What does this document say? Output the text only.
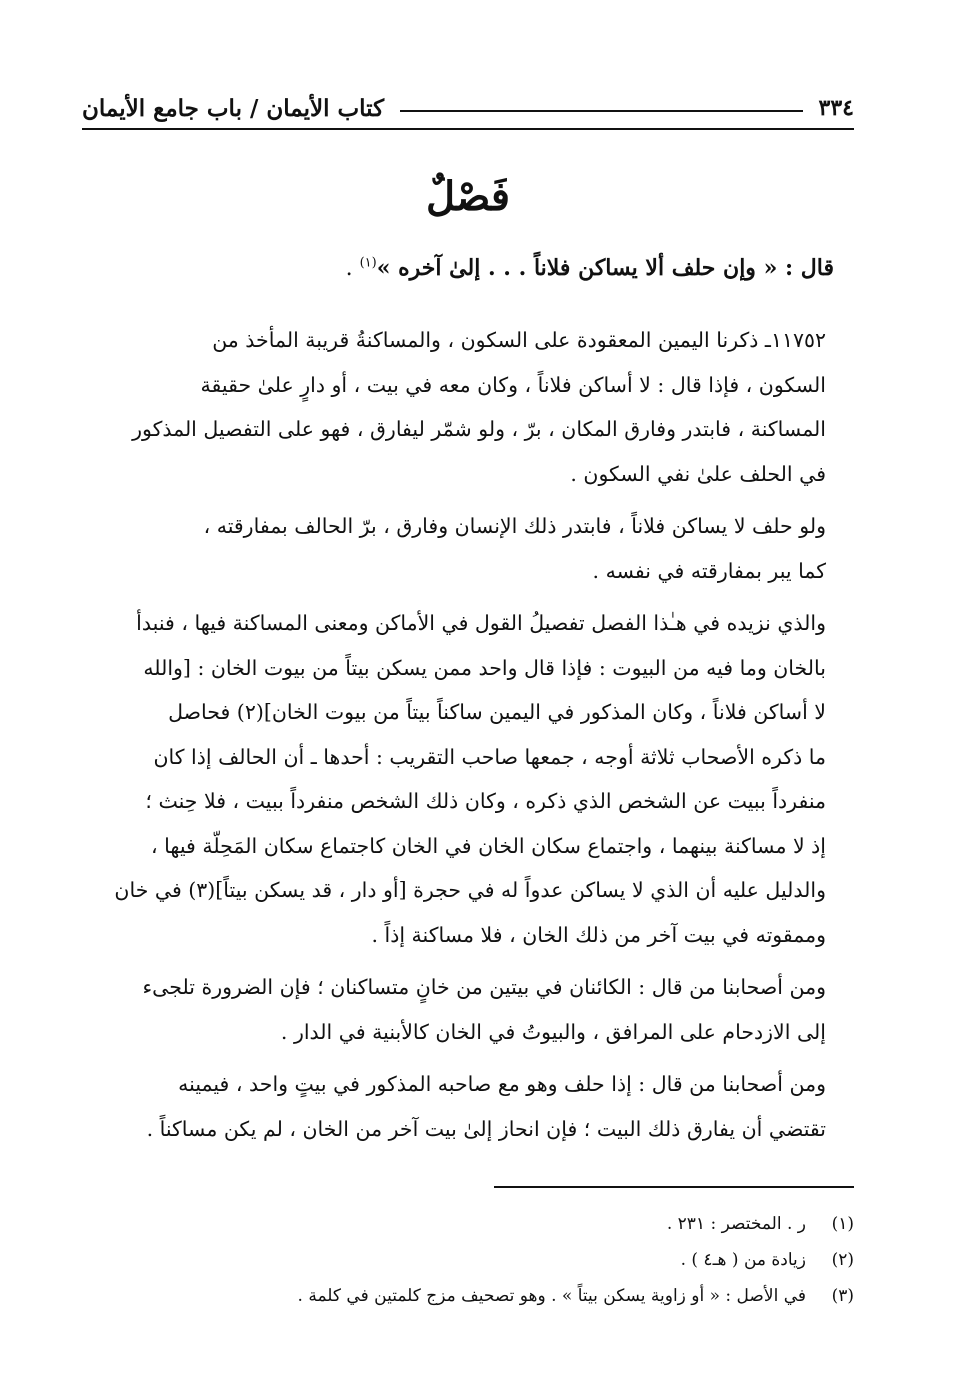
٣٣٤
كتاب الأيمان / باب جامع الأيمان
فَصْلٌ
قال : « وإن حلف ألا يساكن فلاناً . . . إلىٰ آخره »$^{(١)}$ .

١١٧٥٢ـ ذكرنا اليمين المعقودة على السكون ، والمساكنةُ قريبة المأخذ من
السكون ، فإذا قال : لا أساكن فلاناً ، وكان معه في بيت ، أو دارٍ علىٰ حقيقة
المساكنة ، فابتدر وفارق المكان ، برّ ، ولو شمّر ليفارق ، فهو على التفصيل المذكور
في الحلف علىٰ نفي السكون .

ولو حلف لا يساكن فلاناً ، فابتدر ذلك الإنسان وفارق ، برّ الحالف بمفارقته ،
كما يبر بمفارقته في نفسه .

والذي نزيده في هـٰذا الفصل تفصيلُ القول في الأماكن ومعنى المساكنة فيها ، فنبدأ
بالخان وما فيه من البيوت : فإذا قال واحد ممن يسكن بيتاً من بيوت الخان : [والله
لا أساكن فلاناً ، وكان المذكور في اليمين ساكناً بيتاً من بيوت الخان](٢) فحاصل
ما ذكره الأصحاب ثلاثة أوجه ، جمعها صاحب التقريب : أحدها ـ أن الحالف إذا كان
منفرداً ببيت عن الشخص الذي ذكره ، وكان ذلك الشخص منفرداً ببيت ، فلا حِنث ؛
إذ لا مساكنة بينهما ، واجتماع سكان الخان في الخان كاجتماع سكان المَحِلّة فيها ،
والدليل عليه أن الذي لا يساكن عدواً له في حجرة [أو دار ، قد يسكن بيتاً](٣) في خان
وممقوته في بيت آخر من ذلك الخان ، فلا مساكنة إذاً .

ومن أصحابنا من قال : الكائنان في بيتين من خانٍ متساكنان ؛ فإن الضرورة تلجىء
إلى الازدحام على المرافق ، والبيوتُ في الخان كالأبنية في الدار .

ومن أصحابنا من قال : إذا حلف وهو مع صاحبه المذكور في بيتٍ واحد ، فيمينه
تقتضي أن يفارق ذلك البيت ؛ فإن انحاز إلىٰ بيت آخر من الخان ، لم يكن مساكناً .

(١)
ر . المختصر : ٢٣١ .
(٢)
زيادة من ( هـ٤ ) .
(٣)
في الأصل : « أو زاوية يسكن بيتاً » . وهو تصحيف مزج كلمتين في كلمة .
